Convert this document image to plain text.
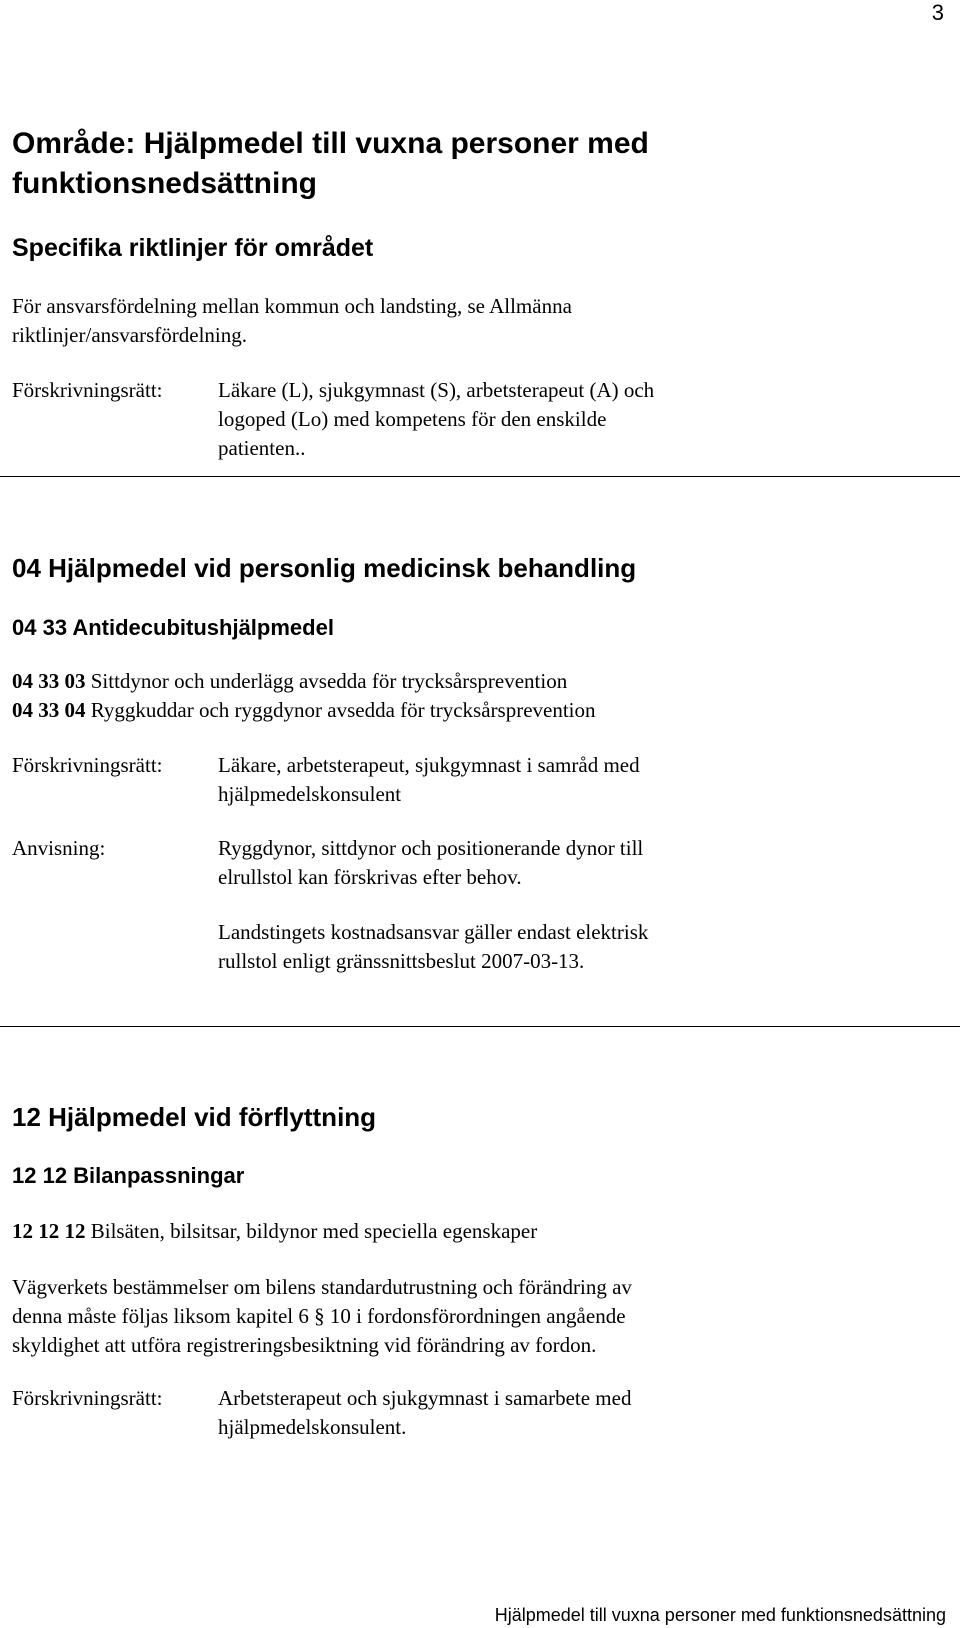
3
Område: Hjälpmedel till vuxna personer med funktionsnedsättning
Specifika riktlinjer för området

För ansvarsfördelning mellan kommun och landsting, se Allmänna
riktlinjer/ansvarsfördelning.

Förskrivningsrätt:	Läkare (L), sjukgymnast (S), arbetsterapeut (A) och
logoped (Lo) med kompetens för den enskilde
patienten..
04 Hjälpmedel vid personlig medicinsk behandling
04 33 Antidecubitushjälpmedel
04 33 03 Sittdynor och underlägg avsedda för trycksårsprevention
04 33 04 Ryggkuddar och ryggdynor avsedda för trycksårsprevention
Förskrivningsrätt:	Läkare, arbetsterapeut, sjukgymnast i samråd med
hjälpmedelskonsulent
Anvisning:	Ryggdynor, sittdynor och positionerande dynor till
elrullstol kan förskrivas efter behov.
Landstingets kostnadsansvar gäller endast elektrisk
rullstol enligt gränssnittsbeslut 2007-03-13.
12 Hjälpmedel vid förflyttning
12 12 Bilanpassningar
12 12 12 Bilsäten, bilsitsar, bildynor med speciella egenskaper

Vägverkets bestämmelser om bilens standardutrustning och förändring av
denna måste följas liksom kapitel 6 § 10 i fordonsförordningen angående
skyldighet att utföra registreringsbesiktning vid förändring av fordon.

Förskrivningsrätt:	Arbetsterapeut och sjukgymnast i samarbete med
hjälpmedelskonsulent.
Hjälpmedel till vuxna personer med funktionsnedsättning
